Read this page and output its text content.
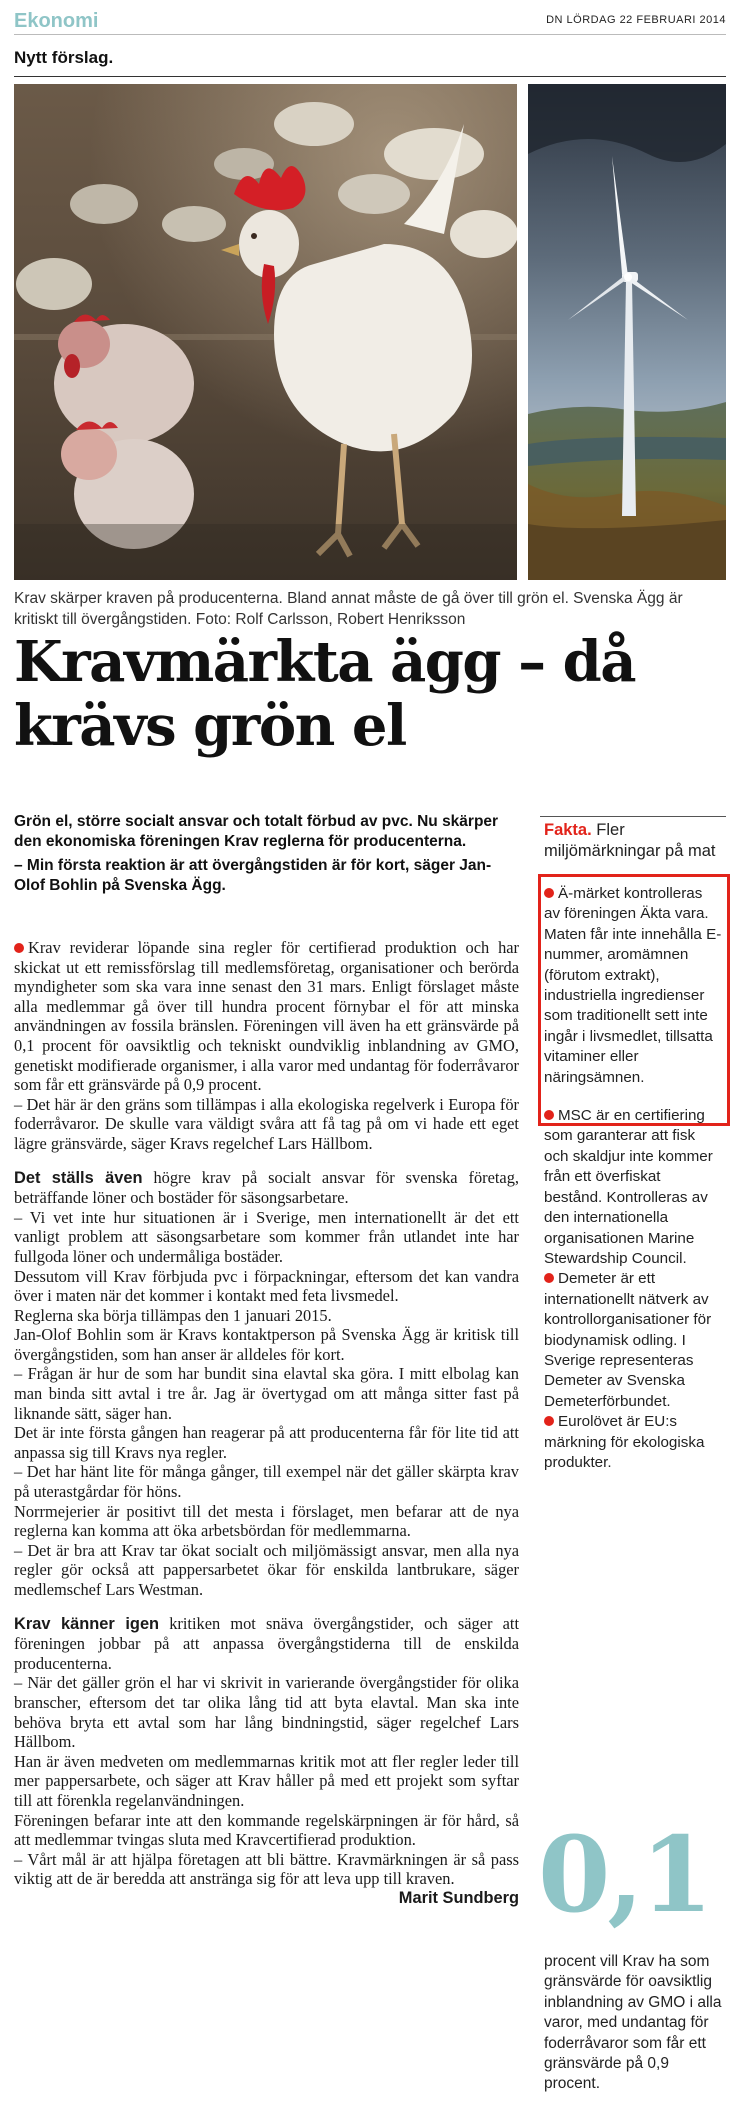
Ekonomi	DN LÖRDAG 22 FEBRUARI 2014
Nytt förslag.
Krav skärper kraven på producenterna. Bland annat måste de gå över till grön el. Svenska Ägg är kritiskt till övergångstiden. Foto: Rolf Carlsson, Robert Henriksson
Kravmärkta ägg – då krävs grön el

Grön el, större socialt ansvar och totalt förbud av pvc. Nu skärper den ekonomiska föreningen Krav reglerna för producenterna.

– Min första reaktion är att övergångstiden är för kort, säger Jan-Olof Bohlin på Svenska Ägg.

Krav reviderar löpande sina regler för certifierad produktion och har skickat ut ett remissförslag till medlemsföretag, organisationer och berörda myndigheter som ska vara inne senast den 31 mars. Enligt förslaget måste alla medlemmar gå över till hundra procent förnybar el för att minska användningen av fossila bränslen. Föreningen vill även ha ett gränsvärde på 0,1 procent för oavsiktlig och tekniskt oundviklig inblandning av GMO, genetiskt modifierade organismer, i alla varor med undantag för foderråvaror som får ett gränsvärde på 0,9 procent.

– Det här är den gräns som tillämpas i alla ekologiska regelverk i Europa för foderråvaror. De skulle vara väldigt svåra att få tag på om vi hade ett eget lägre gränsvärde, säger Kravs regelchef Lars Hällbom.

Det ställs även högre krav på socialt ansvar för svenska företag, beträffande löner och bostäder för säsongsarbetare.

– Vi vet inte hur situationen är i Sverige, men internationellt är det ett vanligt problem att säsongsarbetare som kommer från utlandet inte har fullgoda löner och undermåliga bostäder.

Dessutom vill Krav förbjuda pvc i förpackningar, eftersom det kan vandra över i maten när det kommer i kontakt med feta livsmedel.

Reglerna ska börja tillämpas den 1 januari 2015.

Jan-Olof Bohlin som är Kravs kontaktperson på Svenska Ägg är kritisk till övergångstiden, som han anser är alldeles för kort.

– Frågan är hur de som har bundit sina elavtal ska göra. I mitt elbolag kan man binda sitt avtal i tre år. Jag är övertygad om att många sitter fast på liknande sätt, säger han.

Det är inte första gången han reagerar på att producenterna får för lite tid att anpassa sig till Kravs nya regler.

– Det har hänt lite för många gånger, till exempel när det gäller skärpta krav på uterastgårdar för höns.

Norrmejerier är positivt till det mesta i förslaget, men befarar att de nya reglerna kan komma att öka arbetsbördan för medlemmarna.

– Det är bra att Krav tar ökat socialt och miljömässigt ansvar, men alla nya regler gör också att pappersarbetet ökar för enskilda lantbrukare, säger medlemschef Lars Westman.

Krav känner igen kritiken mot snäva övergångstider, och säger att föreningen jobbar på att anpassa övergångstiderna till de enskilda producenterna.

– När det gäller grön el har vi skrivit in varierande övergångstider för olika branscher, eftersom det tar olika lång tid att byta elavtal. Man ska inte behöva bryta ett avtal som har lång bindningstid, säger regelchef Lars Hällbom.

Han är även medveten om medlemmarnas kritik mot att fler regler leder till mer pappersarbete, och säger att Krav håller på med ett projekt som syftar till att förenkla regelanvändningen.

Föreningen befarar inte att den kommande regelskärpningen är för hård, så att medlemmar tvingas sluta med Kravcertifierad produktion.

– Vårt mål är att hjälpa företagen att bli bättre. Kravmärkningen är så pass viktig att de är beredda att anstränga sig för att leva upp till kraven.
Marit Sundberg

Fakta. Fler miljömärkningar på mat

Ä-märket kontrolleras av föreningen Äkta vara. Maten får inte innehålla E-nummer, aromämnen (förutom extrakt), industriella ingredienser som traditionellt sett inte ingår i livsmedlet, tillsatta vitaminer eller näringsämnen.

MSC är en certifiering som garanterar att fisk och skaldjur inte kommer från ett överfiskat bestånd. Kontrolleras av den internationella organisationen Marine Stewardship Council.

Demeter är ett internationellt nätverk av kontrollorganisationer för biodynamisk odling. I Sverige representeras Demeter av Svenska Demeterförbundet.

Eurolövet är EU:s märkning för ekologiska produkter.

0,1
procent vill Krav ha som gränsvärde för oavsiktlig inblandning av GMO i alla varor, med undantag för foderråvaror som får ett gränsvärde på 0,9 procent.
